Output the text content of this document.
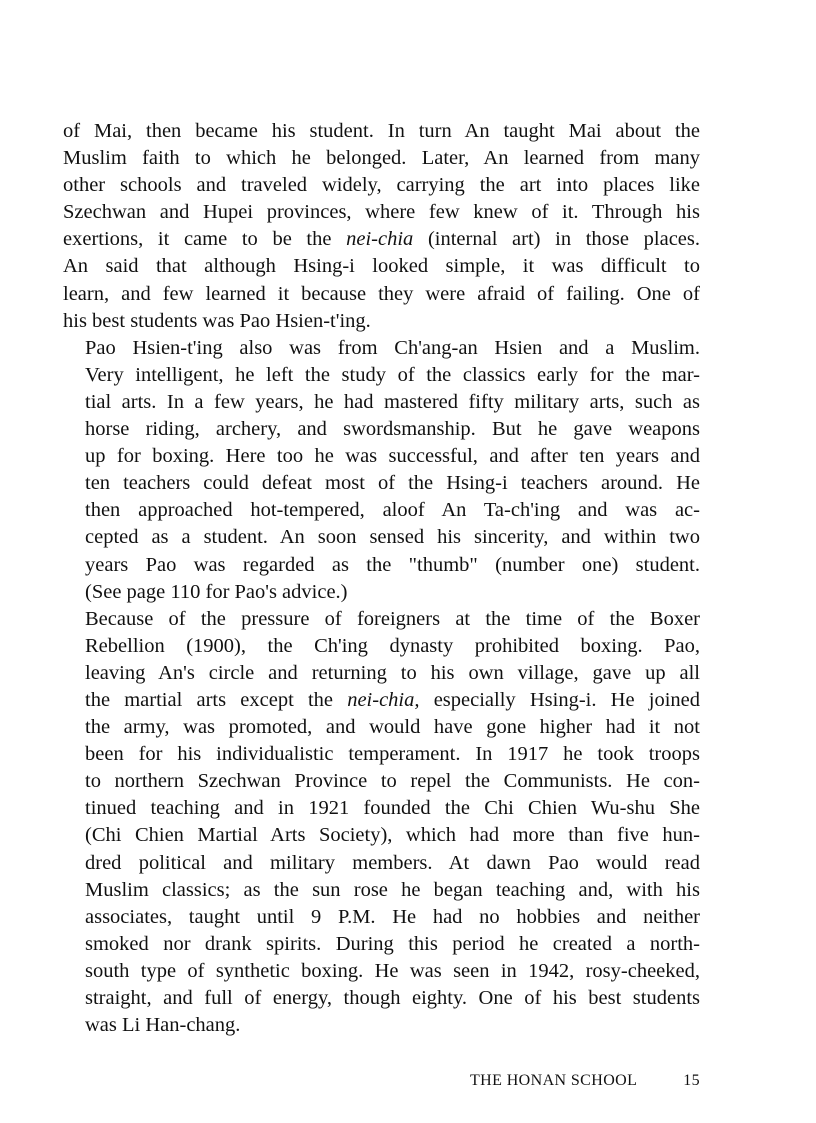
of Mai, then became his student. In turn An taught Mai about the
Muslim faith to which he belonged. Later, An learned from many
other schools and traveled widely, carrying the art into places like
Szechwan and Hupei provinces, where few knew of it. Through his
exertions, it came to be the nei-chia (internal art) in those places.
An said that although Hsing-i looked simple, it was difficult to
learn, and few learned it because they were afraid of failing. One of
his best students was Pao Hsien-t'ing.
Pao Hsien-t'ing also was from Ch'ang-an Hsien and a Muslim.
Very intelligent, he left the study of the classics early for the mar-
tial arts. In a few years, he had mastered fifty military arts, such as
horse riding, archery, and swordsmanship. But he gave weapons
up for boxing. Here too he was successful, and after ten years and
ten teachers could defeat most of the Hsing-i teachers around. He
then approached hot-tempered, aloof An Ta-ch'ing and was ac-
cepted as a student. An soon sensed his sincerity, and within two
years Pao was regarded as the "thumb" (number one) student.
(See page 110 for Pao's advice.)
Because of the pressure of foreigners at the time of the Boxer
Rebellion (1900), the Ch'ing dynasty prohibited boxing. Pao,
leaving An's circle and returning to his own village, gave up all
the martial arts except the nei-chia, especially Hsing-i. He joined
the army, was promoted, and would have gone higher had it not
been for his individualistic temperament. In 1917 he took troops
to northern Szechwan Province to repel the Communists. He con-
tinued teaching and in 1921 founded the Chi Chien Wu-shu She
(Chi Chien Martial Arts Society), which had more than five hun-
dred political and military members. At dawn Pao would read
Muslim classics; as the sun rose he began teaching and, with his
associates, taught until 9 P.M. He had no hobbies and neither
smoked nor drank spirits. During this period he created a north-
south type of synthetic boxing. He was seen in 1942, rosy-cheeked,
straight, and full of energy, though eighty. One of his best students
was Li Han-chang.
THE HONAN SCHOOL	15
